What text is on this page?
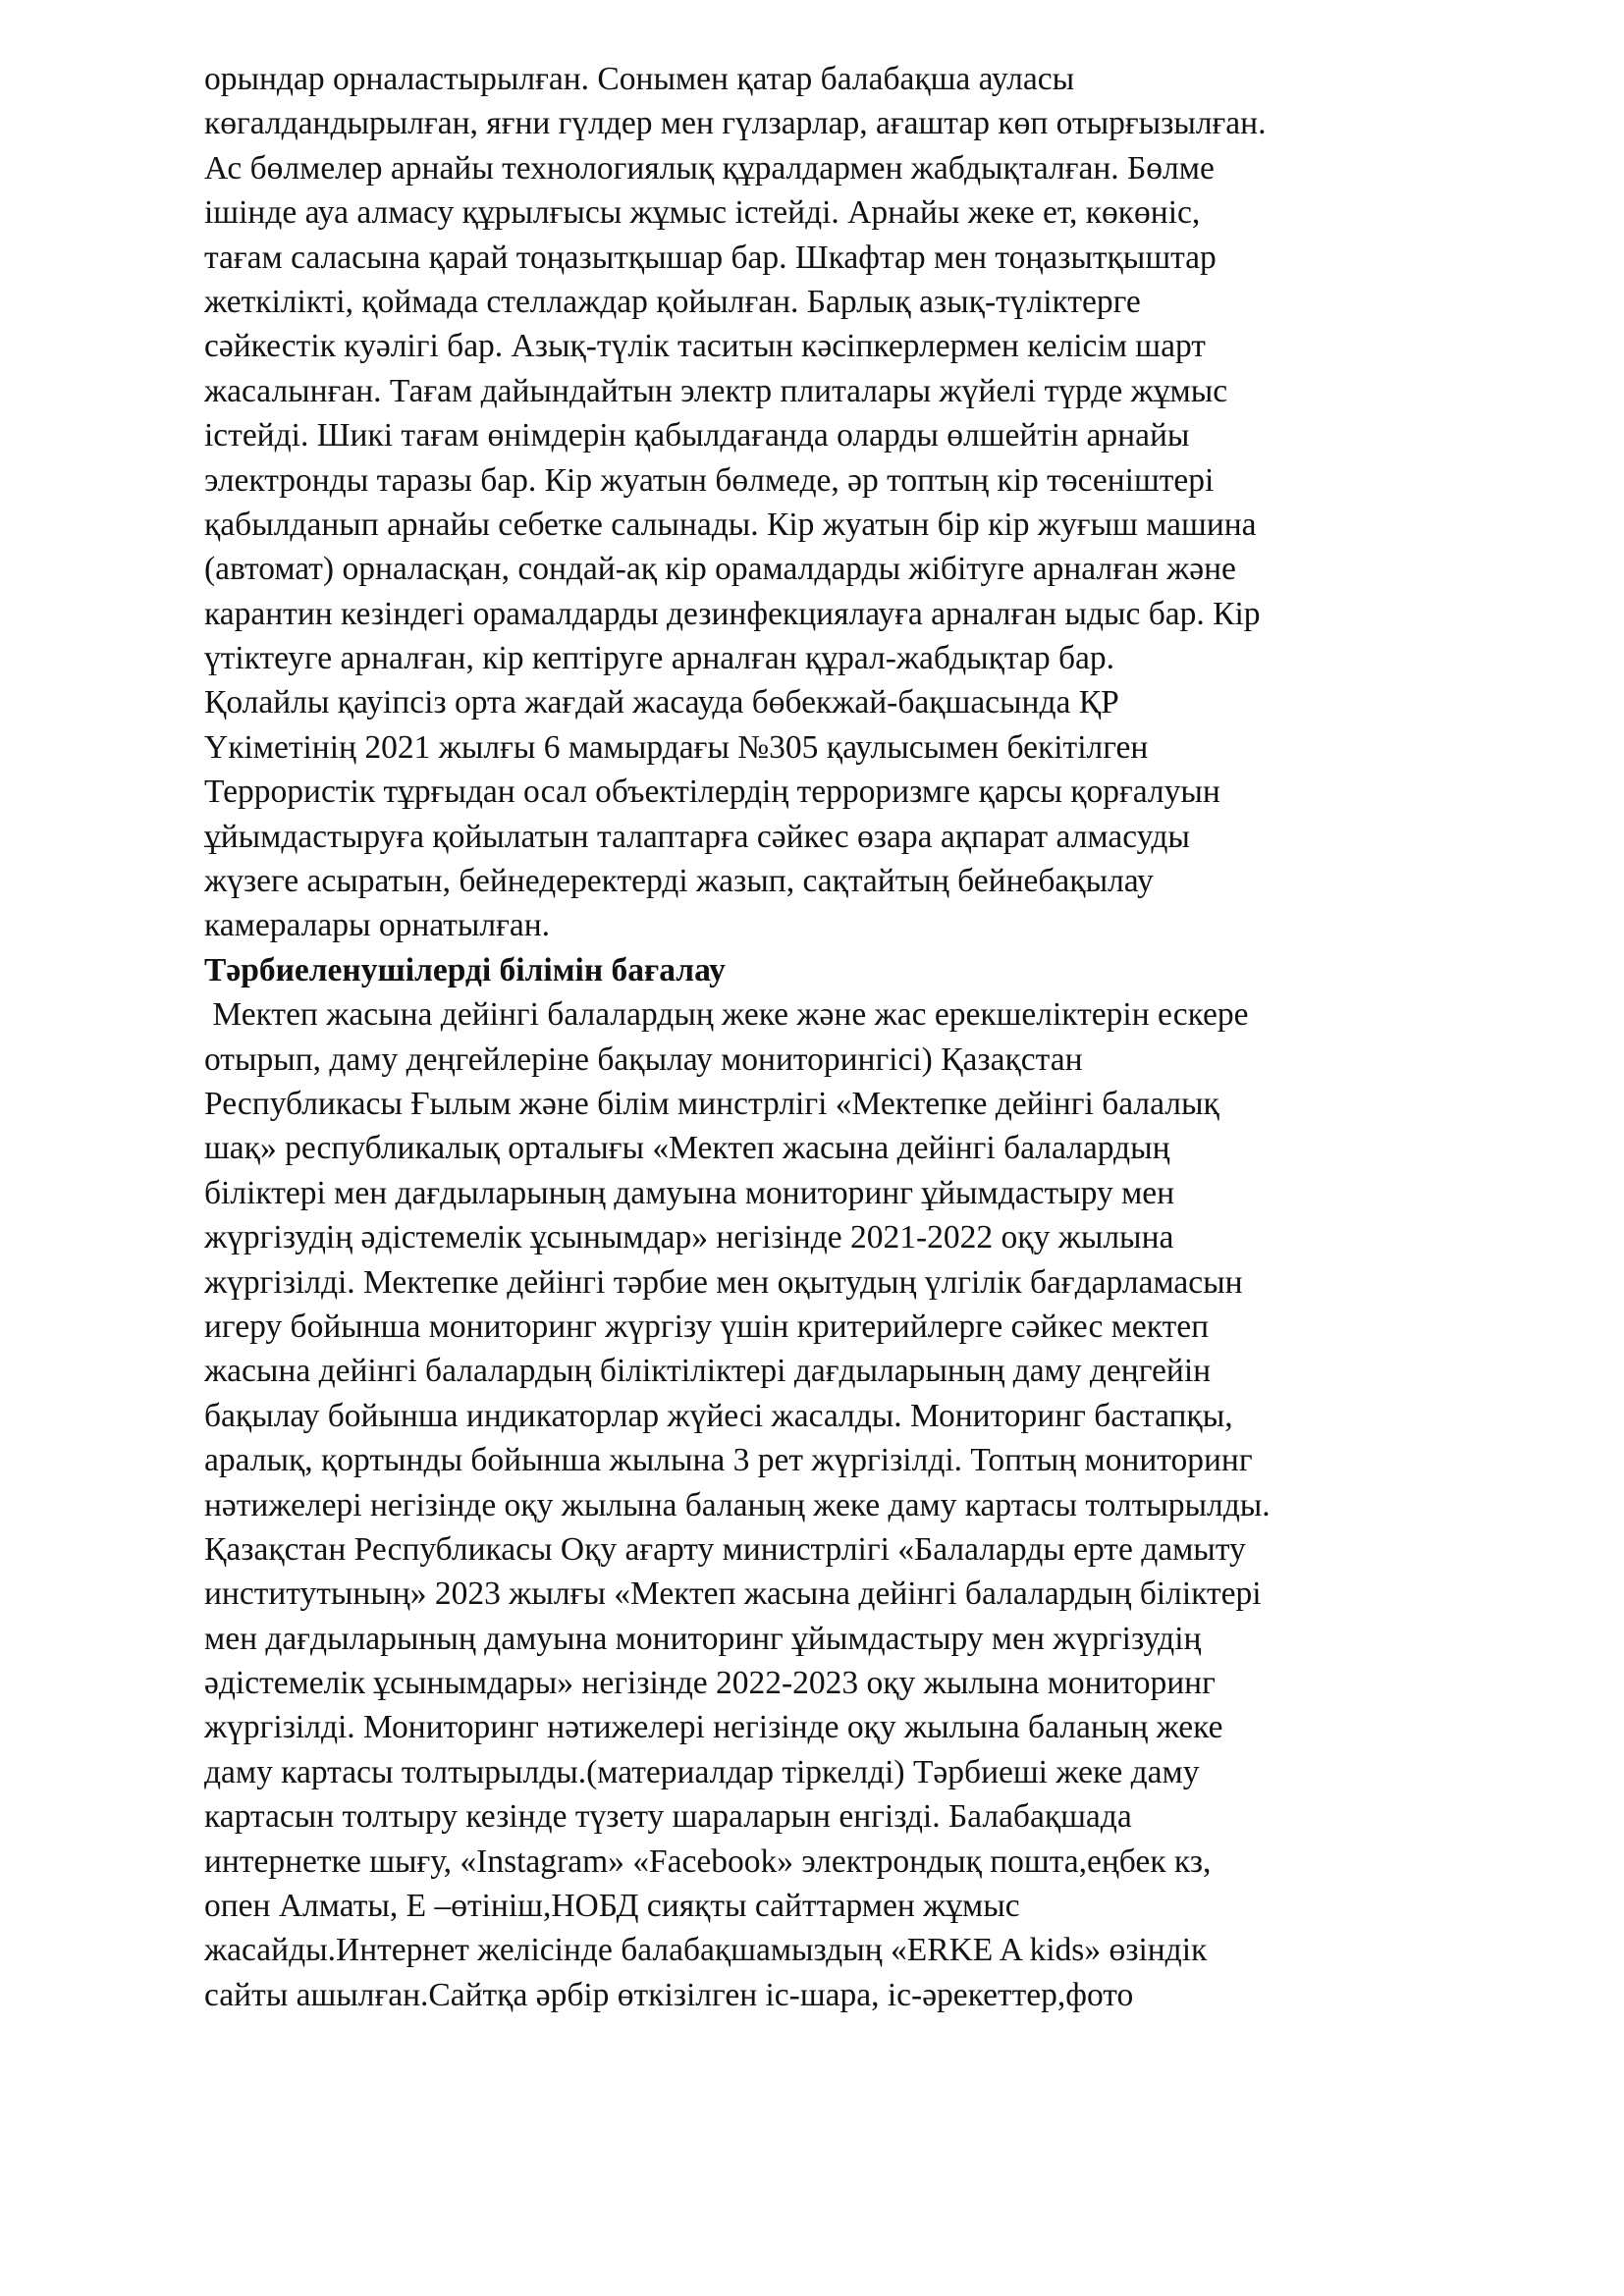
орындар орналастырылған. Сонымен қатар балабақша ауласы
көгалдандырылған, яғни гүлдер мен гүлзарлар, ағаштар көп отырғызылған.
Ас бөлмелер арнайы технологиялық құралдармен жабдықталған. Бөлме
ішінде ауа алмасу құрылғысы жұмыс істейді. Арнайы жеке ет, көкөніс,
тағам саласына қарай тоңазытқышар бар. Шкафтар мен тоңазытқыштар
жеткілікті, қоймада стеллаждар қойылған. Барлық азық-түліктерге
сәйкестік куәлігі бар. Азық-түлік таситын кәсіпкерлермен келісім шарт
жасалынған. Тағам дайындайтын электр плиталары жүйелі түрде жұмыс
істейді. Шикі тағам өнімдерін қабылдағанда оларды өлшейтін арнайы
электронды таразы бар. Кір жуатын бөлмеде, әр топтың кір төсеніштері
қабылданып арнайы себетке салынады. Кір жуатын бір кір жуғыш машина
(автомат) орналасқан, сондай-ақ кір орамалдарды жібітуге арналған және
карантин кезіндегі орамалдарды дезинфекциялауға арналған ыдыс бар. Кір
үтіктеуге арналған, кір кептіруге арналған құрал-жабдықтар бар.
Қолайлы қауіпсіз орта жағдай жасауда бөбекжай-бақшасында ҚР
Үкіметінің 2021 жылғы 6 мамырдағы №305 қаулысымен бекітілген
Террористік тұрғыдан осал объектілердің терроризмге қарсы қорғалуын
ұйымдастыруға қойылатын талаптарға сәйкес өзара ақпарат алмасуды
жүзеге асыратын, бейнедеректерді жазып, сақтайтың бейнебақылау
камералары орнатылған.
Тәрбиеленушілерді білімін бағалау
Мектеп жасына дейінгі балалардың жеке және жас ерекшеліктерін ескере
отырып, даму деңгейлеріне бақылау мониторингісі) Қазақстан
Республикасы Ғылым және білім минстрлігі «Мектепке дейінгі балалық
шақ» республикалық орталығы «Мектеп жасына дейінгі балалардың
біліктері мен дағдыларының дамуына мониторинг ұйымдастыру мен
жүргізудің әдістемелік ұсынымдар» негізінде 2021-2022 оқу жылына
жүргізілді. Мектепке дейінгі тәрбие мен оқытудың үлгілік бағдарламасын
игеру бойынша мониторинг жүргізу үшін критерийлерге сәйкес мектеп
жасына дейінгі балалардың біліктіліктері дағдыларының даму деңгейін
бақылау бойынша индикаторлар жүйесі жасалды. Мониторинг бастапқы,
аралық, қортынды бойынша жылына 3 рет жүргізілді. Топтың мониторинг
нәтижелері негізінде оқу жылына баланың жеке даму картасы толтырылды.
Қазақстан Республикасы Оқу ағарту министрлігі «Балаларды ерте дамыту
институтының» 2023 жылғы «Мектеп жасына дейінгі балалардың біліктері
мен дағдыларының дамуына мониторинг ұйымдастыру мен жүргізудің
әдістемелік ұсынымдары» негізінде 2022-2023 оқу жылына мониторинг
жүргізілді. Мониторинг нәтижелері негізінде оқу жылына баланың жеке
даму картасы толтырылды.(материалдар тіркелді) Тәрбиеші жеке даму
картасын толтыру кезінде түзету шараларын енгізді. Балабақшада
интернетке шығу, «Instagram» «Facebook» электрондық пошта,еңбек кз,
опен Алматы, Е –өтініш,НОБД сияқты сайттармен жұмыс
жасайды.Интернет желісінде балабақшамыздың «ERKE A kids» өзіндік
сайты ашылған.Сайтқа әрбір өткізілген іс-шара, іс-әрекеттер,фото
